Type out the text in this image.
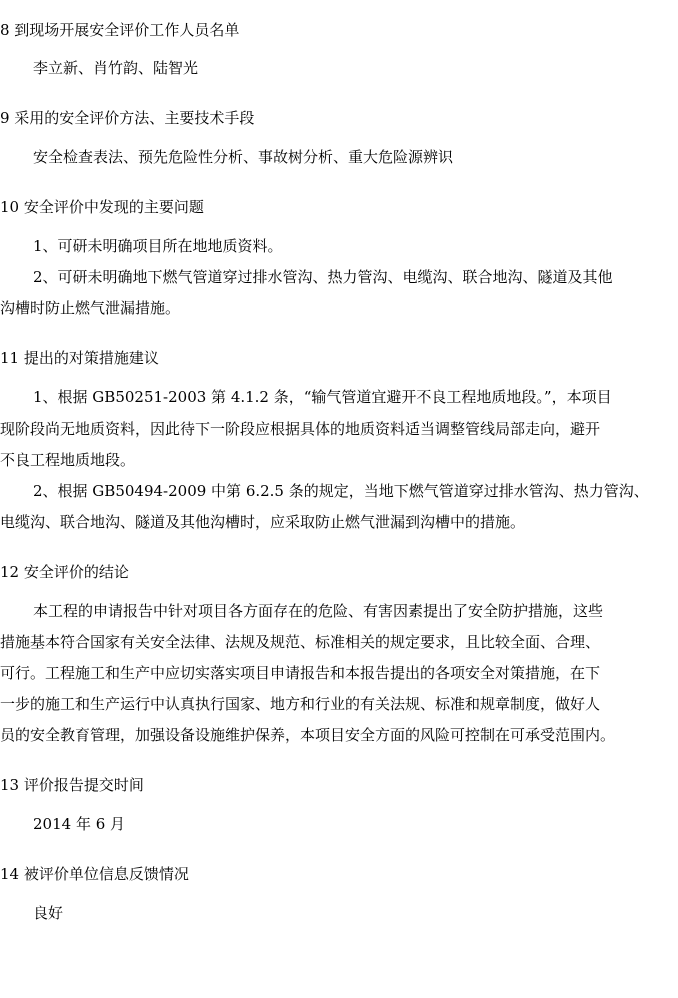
8 到现场开展安全评价工作人员名单
李立新、肖竹韵、陆智光
9 采用的安全评价方法、主要技术手段
安全检查表法、预先危险性分析、事故树分析、重大危险源辨识
10 安全评价中发现的主要问题
1、可研未明确项目所在地地质资料。
2、可研未明确地下燃气管道穿过排水管沟、热力管沟、电缆沟、联合地沟、隧道及其他
沟槽时防止燃气泄漏措施。
11 提出的对策措施建议
1、根据 GB50251-2003 第 4.1.2 条，“输气管道宜避开不良工程地质地段。”，本项目
现阶段尚无地质资料，因此待下一阶段应根据具体的地质资料适当调整管线局部走向，避开
不良工程地质地段。
2、根据 GB50494-2009 中第 6.2.5 条的规定，当地下燃气管道穿过排水管沟、热力管沟、
电缆沟、联合地沟、隧道及其他沟槽时，应采取防止燃气泄漏到沟槽中的措施。
12 安全评价的结论
本工程的申请报告中针对项目各方面存在的危险、有害因素提出了安全防护措施，这些
措施基本符合国家有关安全法律、法规及规范、标准相关的规定要求，且比较全面、合理、
可行。工程施工和生产中应切实落实项目申请报告和本报告提出的各项安全对策措施，在下
一步的施工和生产运行中认真执行国家、地方和行业的有关法规、标准和规章制度，做好人
员的安全教育管理，加强设备设施维护保养，本项目安全方面的风险可控制在可承受范围内。
13 评价报告提交时间
2014 年 6 月
14 被评价单位信息反馈情况
良好
